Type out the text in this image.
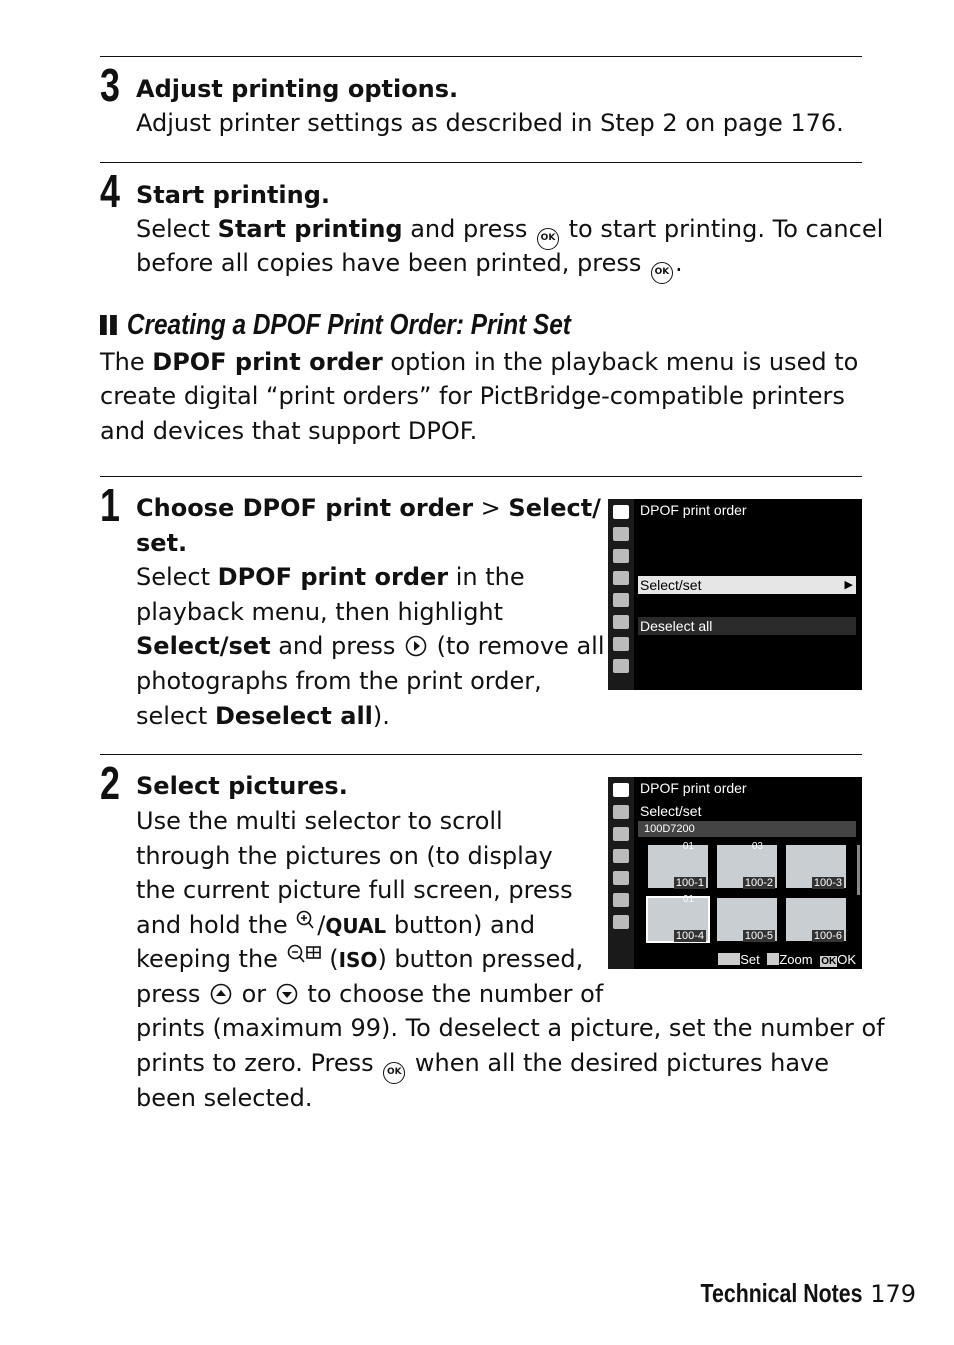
3 Adjust printing options.
Adjust printer settings as described in Step 2 on page 176.
4 Start printing.
Select Start printing and press OK to start printing. To cancel
before all copies have been printed, press OK .
Creating a DPOF Print Order: Print Set
The DPOF print order option in the playback menu is used to
create digital “print orders” for PictBridge-compatible printers
and devices that support DPOF.
1 Choose DPOF print order > Select/
set.
Select DPOF print order in the
playback menu, then highlight
Select/set and press  (to remove all
photographs from the print order,
select Deselect all).
DPOF print order
Select/set	▶
Deselect all
2 Select pictures.
Use the multi selector to scroll
through the pictures on (to display
the current picture full screen, press
and hold the /QUAL button) and
keeping the  (ISO) button pressed,
press  or  to choose the number of
prints (maximum 99). To deselect a picture, set the number of
prints to zero. Press OK when all the desired pictures have
been selected.
DPOF print order
Select/set
100D7200
01
100-1
03
100-2	100-3
01
100-4	100-5	100-6
Set Zoom OKOK
Technical Notes 179
